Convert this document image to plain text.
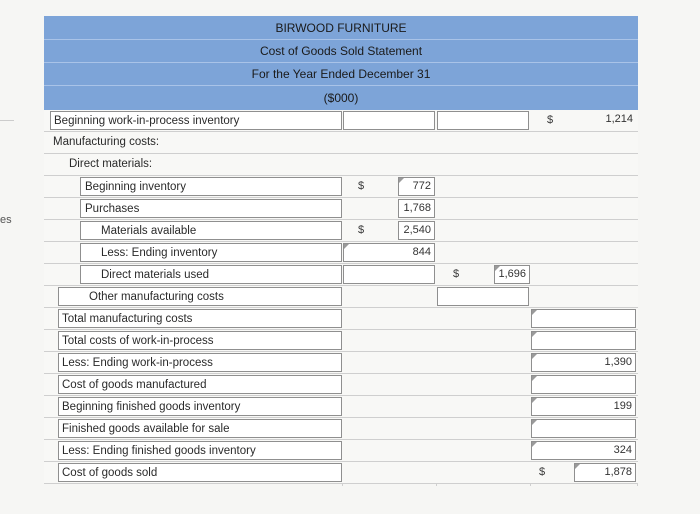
es
BIRWOOD FURNITURE
Cost of Goods Sold Statement
For the Year Ended December 31
($000)
Beginning work-in-process inventory	$	1,214
Manufacturing costs:
Direct materials:
Beginning inventory	$	772
Purchases	1,768
Materials available	$	2,540
Less: Ending inventory	844
Direct materials used	$	1,696
Other manufacturing costs
Total manufacturing costs
Total costs of work-in-process
Less: Ending work-in-process	1,390
Cost of goods manufactured
Beginning finished goods inventory	199
Finished goods available for sale
Less: Ending finished goods inventory	324
Cost of goods sold	$	1,878
